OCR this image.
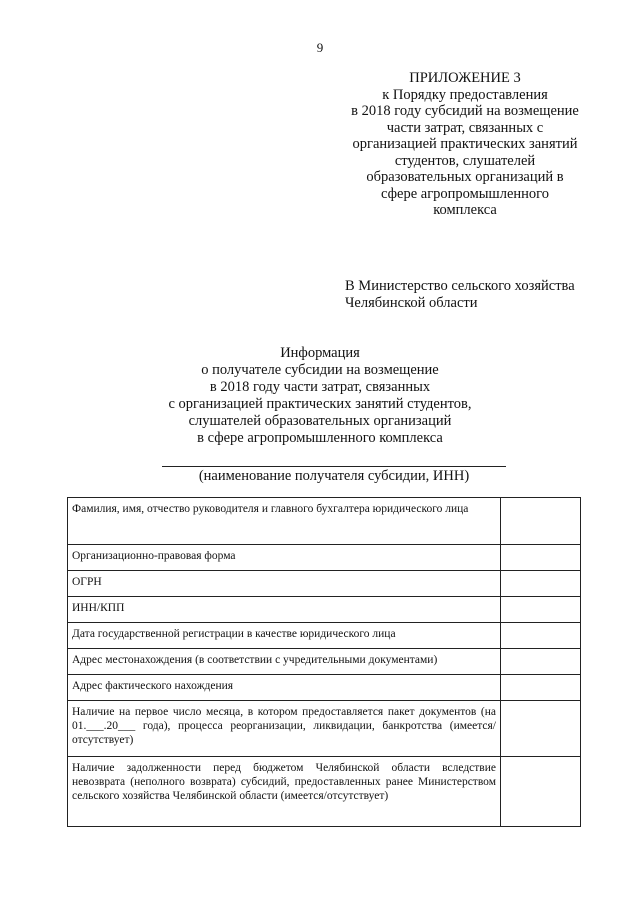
9
ПРИЛОЖЕНИЕ 3
к Порядку предоставления
в 2018 году субсидий на возмещение
части затрат, связанных с
организацией практических занятий
студентов, слушателей
образовательных организаций в
сфере агропромышленного
комплекса
В Министерство сельского хозяйства
Челябинской области
Информация
о получателе субсидии на возмещение
в 2018 году части затрат, связанных
с организацией практических занятий студентов,
слушателей образовательных организаций
в сфере агропромышленного комплекса
(наименование получателя субсидии, ИНН)
Фамилия, имя, отчество руководителя и главного бухгалтера юридического лица	
Организационно-правовая форма	
ОГРН	
ИНН/КПП	
Дата государственной регистрации в качестве юридического лица	
Адрес местонахождения (в соответствии с учредительными документами)	
Адрес фактического нахождения	
Наличие на первое число месяца, в котором предоставляется пакет документов (на 01.___.20___ года), процесса реорганизации, ликвидации, банкротства (имеется/отсутствует)	
Наличие задолженности перед бюджетом Челябинской области вследствие невозврата (неполного возврата) субсидий, предоставленных ранее Министерством сельского хозяйства Челябинской области (имеется/отсутствует)	
